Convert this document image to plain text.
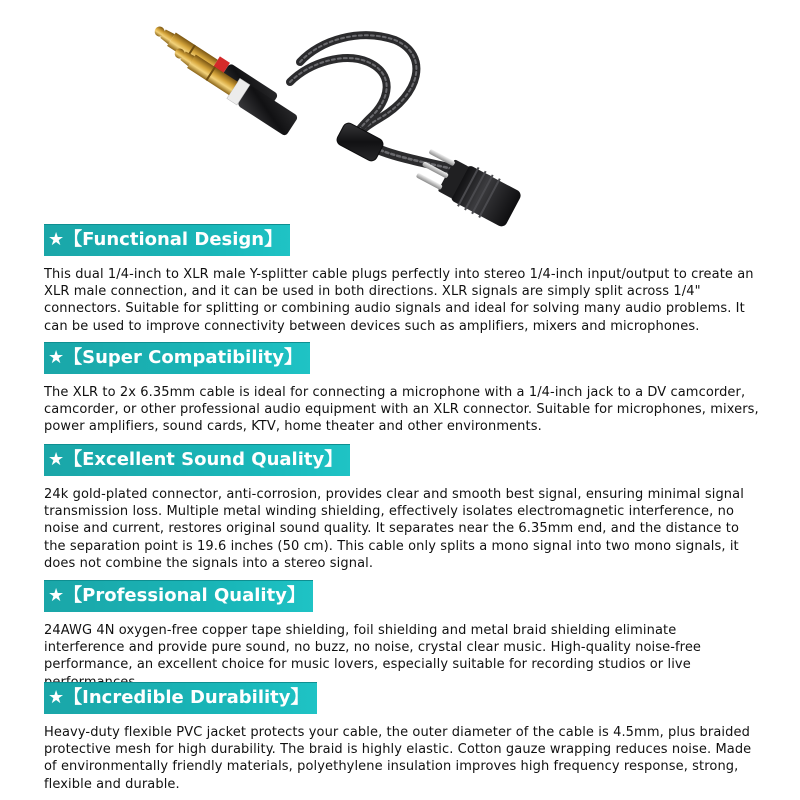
★【Functional Design】
This dual 1/4-inch to XLR male Y-splitter cable plugs perfectly into stereo 1/4-inch input/output to create an XLR male connection, and it can be used in both directions. XLR signals are simply split across 1/4" connectors. Suitable for splitting or combining audio signals and ideal for solving many audio problems. It can be used to improve connectivity between devices such as amplifiers, mixers and microphones.
★【Super Compatibility】
The XLR to 2x 6.35mm cable is ideal for connecting a microphone with a 1/4-inch jack to a DV camcorder, camcorder, or other professional audio equipment with an XLR connector. Suitable for microphones, mixers, power amplifiers, sound cards, KTV, home theater and other environments.
★【Excellent Sound Quality】
24k gold-plated connector, anti-corrosion, provides clear and smooth best signal, ensuring minimal signal transmission loss. Multiple metal winding shielding, effectively isolates electromagnetic interference, no noise and current, restores original sound quality. It separates near the 6.35mm end, and the distance to the separation point is 19.6 inches (50 cm). This cable only splits a mono signal into two mono signals, it does not combine the signals into a stereo signal.
★【Professional Quality】
24AWG 4N oxygen-free copper tape shielding, foil shielding and metal braid shielding eliminate interference and provide pure sound, no buzz, no noise, crystal clear music. High-quality noise-free performance, an excellent choice for music lovers, especially suitable for recording studios or live
★【Incredible Durability】
Heavy-duty flexible PVC jacket protects your cable, the outer diameter of the cable is 4.5mm, plus braided protective mesh for high durability. The braid is highly elastic. Cotton gauze wrapping reduces noise. Made of environmentally friendly materials, polyethylene insulation improves high frequency response, strong, flexible and durable.
